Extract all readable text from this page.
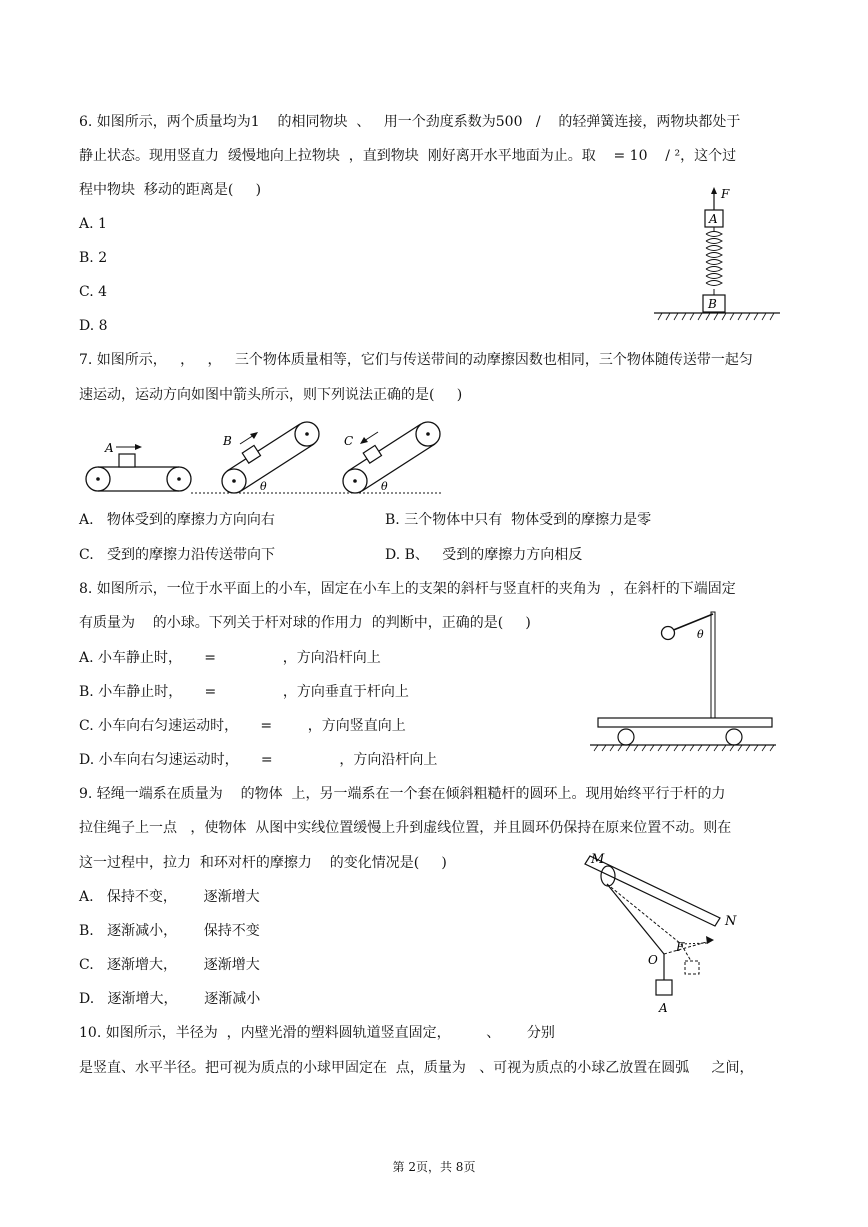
6. 如图所示，两个质量均为1    的相同物块  、   用一个劲度系数为500   /    的轻弹簧连接，两物块都处于
静止状态。现用竖直力  缓慢地向上拉物块  ，直到物块  刚好离开水平地面为止。取    = 10    / ²，这个过
程中物块  移动的距离是(     )
A. 1
B. 2
C. 4
D. 8
F
A
B
7. 如图所示，   ，   ，   三个物体质量相等，它们与传送带间的动摩擦因数也相同，三个物体随传送带一起匀
速运动，运动方向如图中箭头所示，则下列说法正确的是(     )
A	B
θ
C
θ
A.   物体受到的摩擦力方向向右	B. 三个物体中只有  物体受到的摩擦力是零
C.   受到的摩擦力沿传送带向下	D. B、   受到的摩擦力方向相反
8. 如图所示，一位于水平面上的小车，固定在小车上的支架的斜杆与竖直杆的夹角为  ，在斜杆的下端固定
有质量为    的小球。下列关于杆对球的作用力  的判断中，正确的是(     )
A. 小车静止时，     =               ，方向沿杆向上
B. 小车静止时，     =               ，方向垂直于杆向上
C. 小车向右匀速运动时，     =        ，方向竖直向上
D. 小车向右匀速运动时，     =               ，方向沿杆向上
θ
9. 轻绳一端系在质量为    的物体  上，另一端系在一个套在倾斜粗糙杆的圆环上。现用始终平行于杆的力
拉住绳子上一点   ，使物体  从图中实线位置缓慢上升到虚线位置，并且圆环仍保持在原来位置不动。则在
这一过程中，拉力  和环对杆的摩擦力    的变化情况是(     )
A.   保持不变，      逐渐增大
B.   逐渐减小，      保持不变
C.   逐渐增大，      逐渐增大
D.   逐渐增大，      逐渐减小
M
N
F
O
A
10. 如图所示，半径为  ，内壁光滑的塑料圆轨道竖直固定，        、      分别
是竖直、水平半径。把可视为质点的小球甲固定在  点，质量为   、可视为质点的小球乙放置在圆弧     之间，
第 2页，共 8页
